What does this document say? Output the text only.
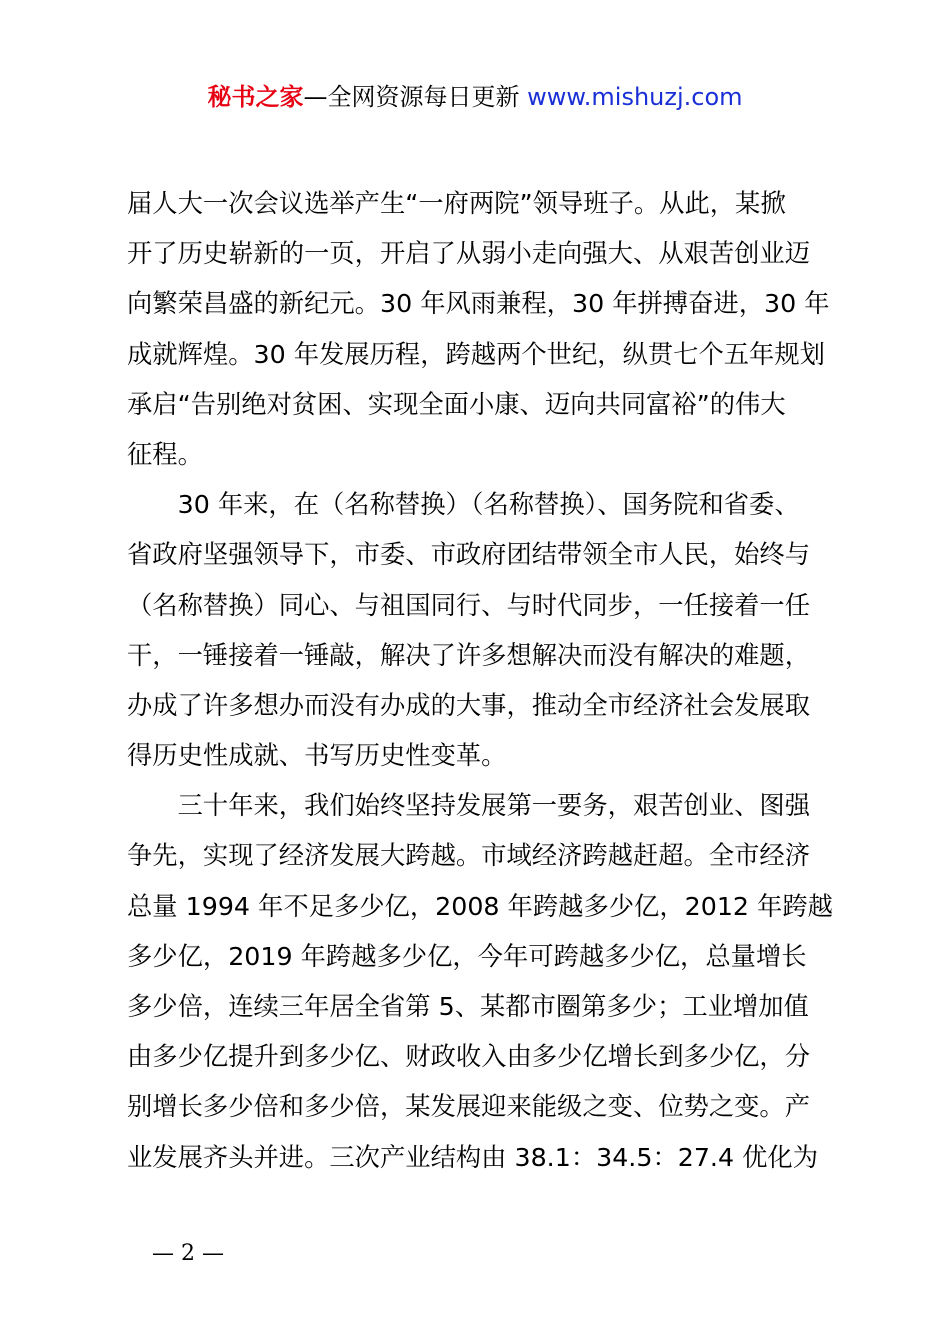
秘书之家—全网资源每日更新 www.mishuzj.com
届人大一次会议选举产生“一府两院”领导班子。从此，某掀
开了历史崭新的一页，开启了从弱小走向强大、从艰苦创业迈
向繁荣昌盛的新纪元。30 年风雨兼程，30 年拼搏奋进，30 年
成就辉煌。30 年发展历程，跨越两个世纪，纵贯七个五年规划
承启“告别绝对贫困、实现全面小康、迈向共同富裕”的伟大
征程。
　　30 年来，在（名称替换）（名称替换）、国务院和省委、
省政府坚强领导下，市委、市政府团结带领全市人民，始终与
（名称替换）同心、与祖国同行、与时代同步，一任接着一任
干，一锤接着一锤敲，解决了许多想解决而没有解决的难题，
办成了许多想办而没有办成的大事，推动全市经济社会发展取
得历史性成就、书写历史性变革。
　　三十年来，我们始终坚持发展第一要务，艰苦创业、图强
争先，实现了经济发展大跨越。市域经济跨越赶超。全市经济
总量 1994 年不足多少亿，2008 年跨越多少亿，2012 年跨越
多少亿，2019 年跨越多少亿，今年可跨越多少亿，总量增长
多少倍，连续三年居全省第 5、某都市圈第多少；工业增加值
由多少亿提升到多少亿、财政收入由多少亿增长到多少亿，分
别增长多少倍和多少倍，某发展迎来能级之变、位势之变。产
业发展齐头并进。三次产业结构由 38.1：34.5：27.4 优化为
— 2 —
